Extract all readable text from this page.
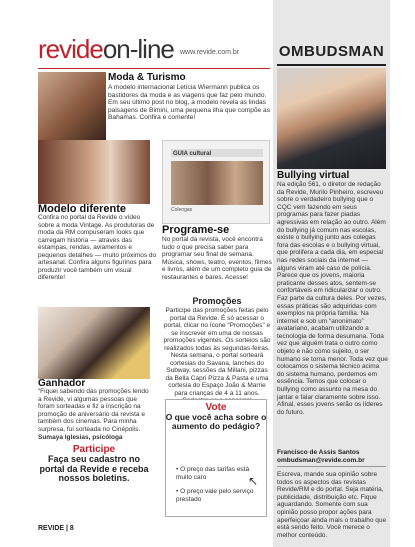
revideon-line www.revide.com.br	OMBUDSMAN
Moda & Turismo
A modelo internacional Letícia Wiermann publica os bastidores da moda e as viagens que faz pelo mundo. Em seu último post no blog, a modelo revela as lindas paisagens de Bimini, uma pequena ilha que compõe as Bahamas. Confira e comente!
Modelo diferente
Confira no portal da Revide o vídeo sobre a moda Vintage. As produtoras de moda da RM compuseram looks que carregam história — através das estampas, rendas, aviamentos e pequenos detalhes — muito próximos do artesanal. Confira alguns figurinos para produzir você também um visual diferente!
GUIA cultural
Coleogas
Programe-se
No portal da revista, você encontra tudo o que precisa saber para programar seu final de semana. Música, shows, teatro, eventos, filmes e livros, além de um completo guia de restaurantes e bares. Acesse!
Promoções
Participe das promoções feitas pelo portal da Revide. É só acessar o portal, clicar no ícone “Promoções” e se inscrever em uma de nossas promoções vigentes. Os sorteios são realizados todas às segundas-feiras. Nesta semana, o portal sorteará cortesias do Savana, lanches do Subway, sessões da Millani, pizzas da Bella Capri Pizza & Pasta e uma cortesia do Espaço João & Marrie para crianças de 4 a 11 anos.
Ganhador
“Fiquei sabendo das promoções lendo a Revide, vi algumas pessoas que foram sorteadas e fiz a inscrição na promoção de aniversário da revista e também dos cinemas. Para minha surpresa, fui sorteada no Cinépolis.
Sumaya Iglesias, psicóloga
Participe
Faça seu cadastro no portal da Revide e receba nossos boletins.
Vote
O que você acha sobre o aumento do pedágio?
• O preço das tarifas está muito caro
• O preço vale pelo serviço prestado
↖
Bullying virtual
Na edição 561, o diretor de redação da Revide, Murilo Pinheiro, escreveu sobre o verdadeiro bullying que o CQC vem fazendo em seus programas para fazer piadas agressivas em relação ao outro. Além do bullying já comum nas escolas, existe o bullying junto aos colegas fora das escolas e o bullying virtual, que prolifera a cada dia, em especial nas redes sociais da internet — alguns viram até caso de polícia. Parece que os jovens, maioria praticante desses atos, sentem-se confortáveis em ridicularizar o outro. Faz parte da cultura deles. Por vezes, essas práticas são adquiridas com exemplos na própria família. Na internet e sob um “anonimato” avatariano, acabam utilizando a tecnologia de forma desumana. Toda vez que alguém trata o outro como objeto e não como sujeito, o ser humano se torna menor. Toda vez que colocamos o sistema técnico acima do sistema humano, perdemos em essência. Temos que colocar o bullying como assunto na mesa do jantar e falar claramente sobre isso. Afinal, esses jovens serão os líderes do futuro.
Francisco de Assis Santos
ombudsman@revide.com.br
Escreva, mande sua opinião sobre todos os aspectos das revistas Revide/RM e do portal. Seja matéria, publicidade, distribuição etc. Fique aguardando. Somente com sua opinião posso propor ações para aperfeiçoar ainda mais o trabalho que está sendo feito. Você merece o melhor conteúdo.
REVIDE | 8
